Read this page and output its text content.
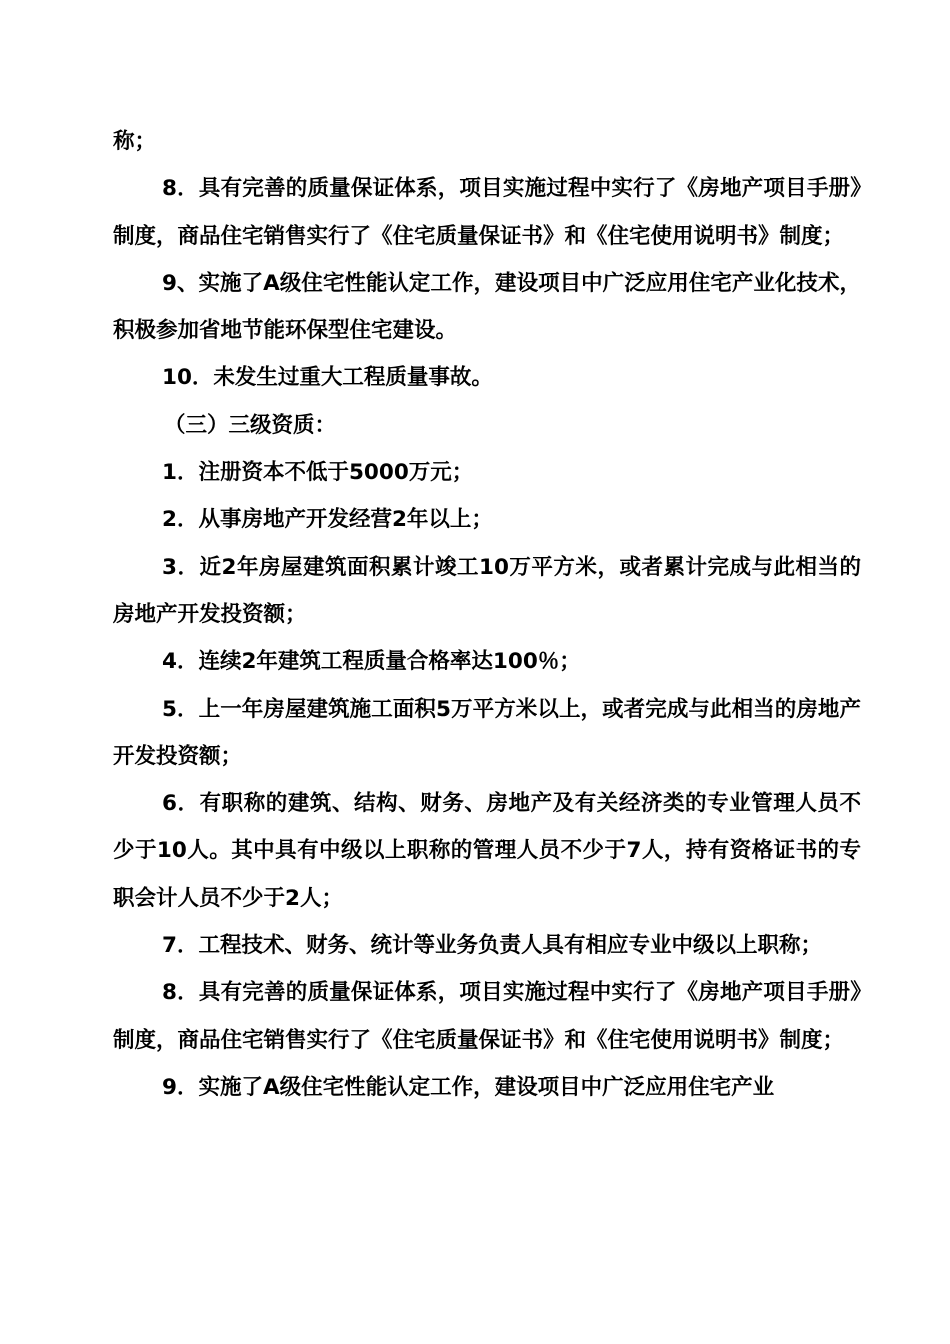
称；

8．具有完善的质量保证体系，项目实施过程中实行了《房地产项目手册》制度，商品住宅销售实行了《住宅质量保证书》和《住宅使用说明书》制度；

9、实施了A级住宅性能认定工作，建设项目中广泛应用住宅产业化技术，积极参加省地节能环保型住宅建设。

10．未发生过重大工程质量事故。

（三）三级资质：

1．注册资本不低于5000万元；

2．从事房地产开发经营2年以上；

3．近2年房屋建筑面积累计竣工10万平方米，或者累计完成与此相当的房地产开发投资额；

4．连续2年建筑工程质量合格率达100％；

5．上一年房屋建筑施工面积5万平方米以上，或者完成与此相当的房地产开发投资额；

6．有职称的建筑、结构、财务、房地产及有关经济类的专业管理人员不少于10人。其中具有中级以上职称的管理人员不少于7人，持有资格证书的专职会计人员不少于2人；

7．工程技术、财务、统计等业务负责人具有相应专业中级以上职称；

8．具有完善的质量保证体系，项目实施过程中实行了《房地产项目手册》制度，商品住宅销售实行了《住宅质量保证书》和《住宅使用说明书》制度；

9．实施了A级住宅性能认定工作，建设项目中广泛应用住宅产业
